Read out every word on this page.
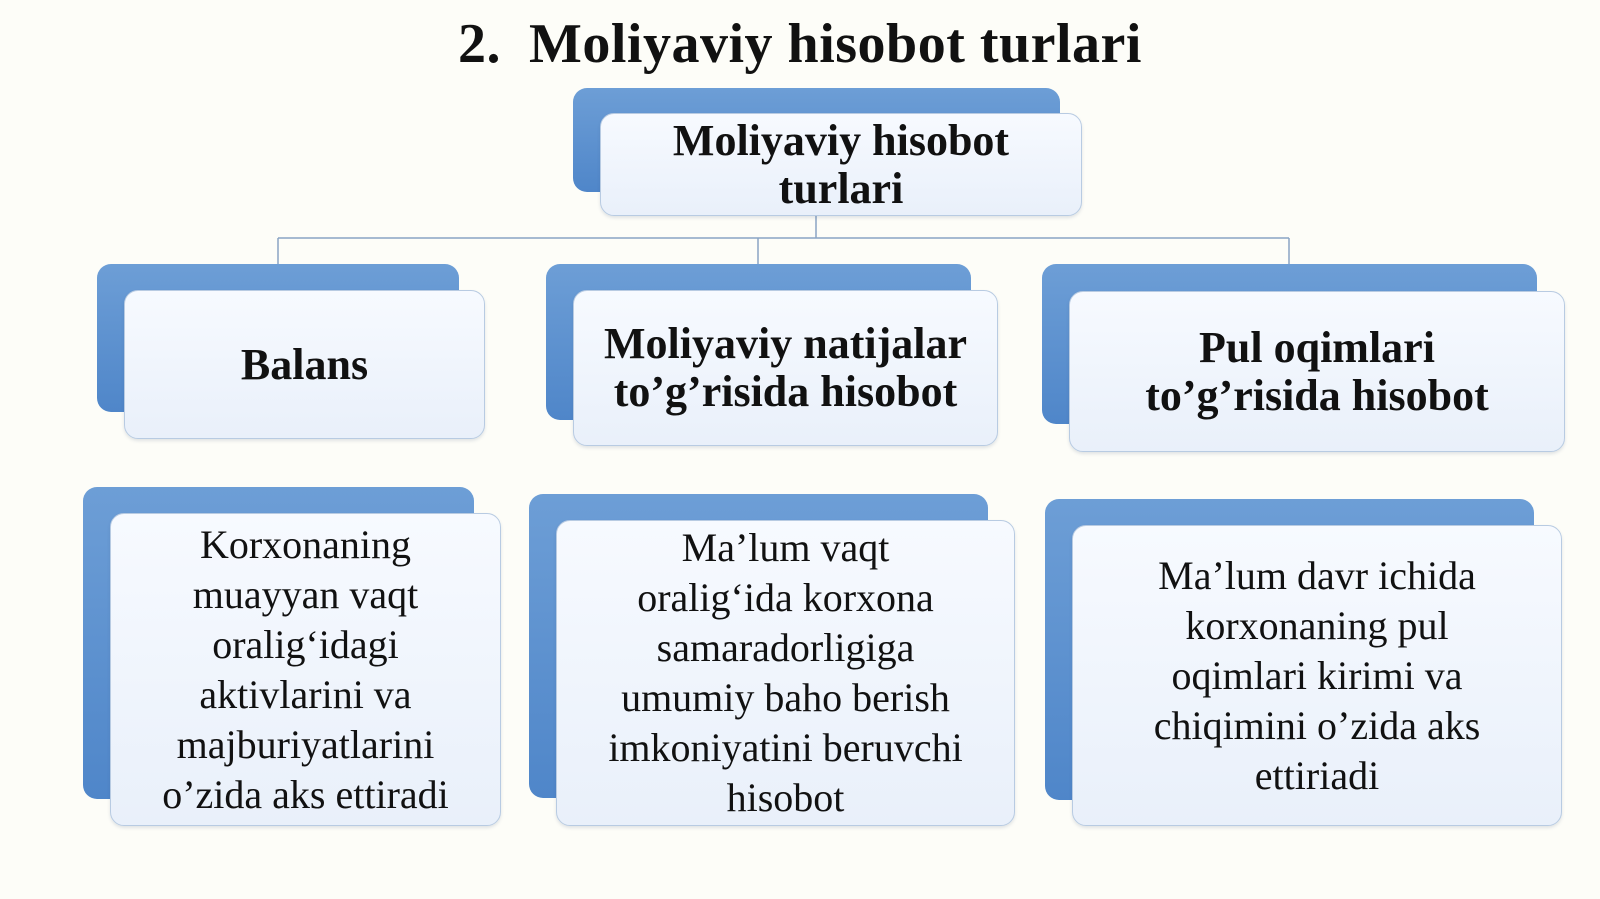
2. Moliyaviy hisobot turlari
Moliyaviy hisobot
turlari
Balans	Moliyaviy natijalar
to’g’risida hisobot
Pul oqimlari
to’g’risida hisobot
Korxonaning
muayyan vaqt
oralig‘idagi
aktivlarini va
majburiyatlarini
o’zida aks ettiradi
Ma’lum vaqt
oralig‘ida korxona
samaradorligiga
umumiy baho berish
imkoniyatini beruvchi
hisobot
Ma’lum davr ichida
korxonaning pul
oqimlari kirimi va
chiqimini o’zida aks
ettiriadi
